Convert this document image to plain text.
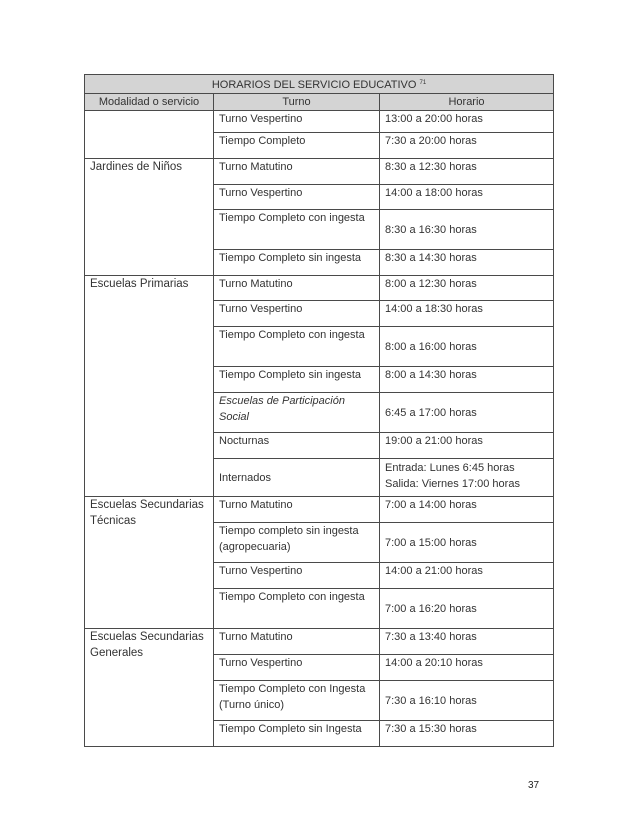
HORARIOS DEL SERVICIO EDUCATIVO $^{71}$
Modalidad o servicio	Turno	Horario
	Turno Vespertino	13:00 a 20:00 horas
	Tiempo Completo	7:30 a 20:00 horas
Jardines de Niños	Turno Matutino	8:30 a 12:30 horas
	Turno Vespertino	14:00 a 18:00 horas
	Tiempo Completo con ingesta	8:30 a 16:30 horas
	Tiempo Completo sin ingesta	8:30 a 14:30 horas
Escuelas Primarias	Turno Matutino	8:00 a 12:30 horas
	Turno Vespertino	14:00 a 18:30 horas
	Tiempo Completo con ingesta	8:00 a 16:00 horas
	Tiempo Completo sin ingesta	8:00 a 14:30 horas
	Escuelas de Participación Social	6:45 a 17:00 horas
	Nocturnas	19:00 a 21:00 horas
	Internados	Entrada: Lunes 6:45 horas
Salida: Viernes 17:00 horas

Escuelas Secundarias Técnicas	Turno Matutino	7:00 a 14:00 horas
	Tiempo completo sin ingesta (agropecuaria)	7:00 a 15:00 horas
	Turno Vespertino	14:00 a 21:00 horas
	Tiempo Completo con ingesta	7:00 a 16:20 horas
Escuelas Secundarias Generales	Turno Matutino	7:30 a 13:40 horas
	Turno Vespertino	14:00 a 20:10 horas
	Tiempo Completo con Ingesta (Turno único)	7:30 a 16:10 horas
	Tiempo Completo sin Ingesta	7:30 a 15:30 horas
37
